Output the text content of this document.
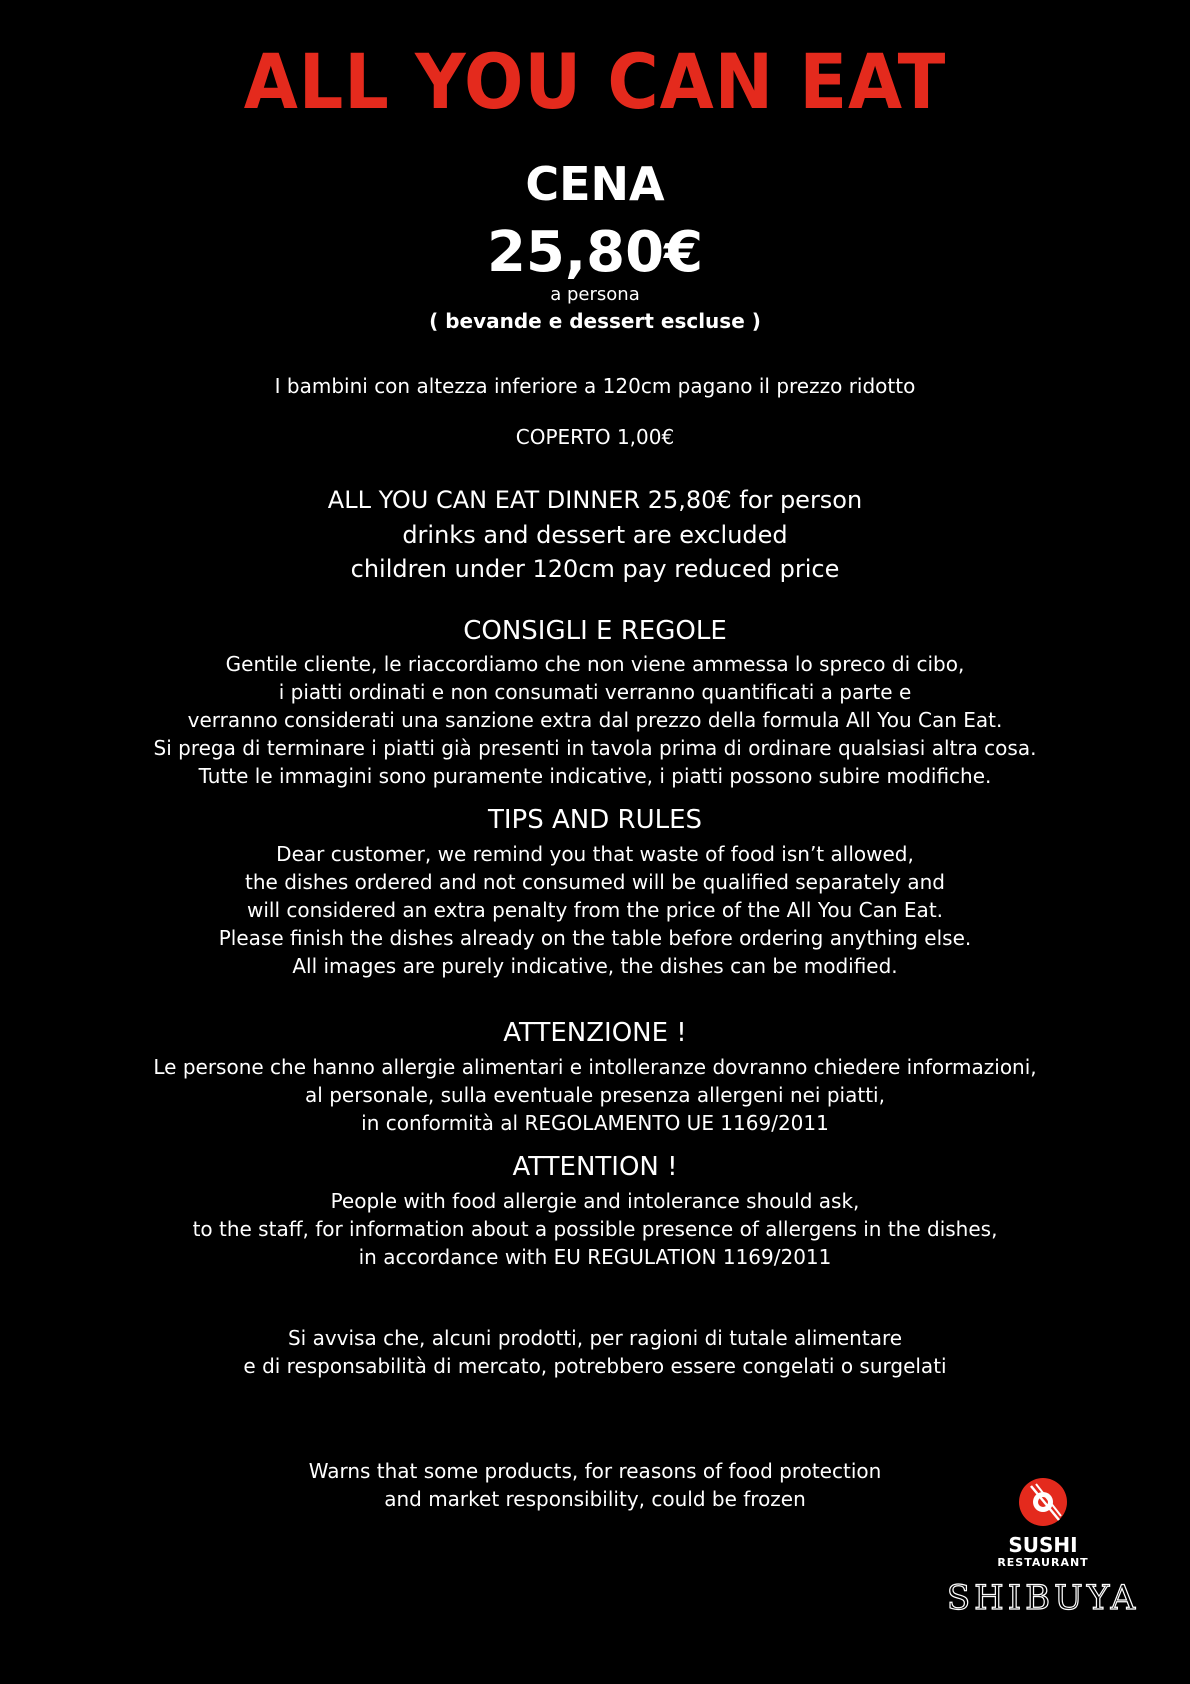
ALL YOU CAN EAT
CENA
25,80€
a persona
( bevande e dessert escluse )
I bambini con altezza inferiore a 120cm pagano il prezzo ridotto
COPERTO 1,00€
ALL YOU CAN EAT DINNER 25,80€ for person
drinks and dessert are excluded
children under 120cm pay reduced price
CONSIGLI E REGOLE
Gentile cliente, le riaccordiamo che non viene ammessa lo spreco di cibo,
i piatti ordinati e non consumati verranno quantificati a parte e
verranno considerati una sanzione extra dal prezzo della formula All You Can Eat.
Si prega di terminare i piatti già presenti in tavola prima di ordinare qualsiasi altra cosa.
Tutte le immagini sono puramente indicative, i piatti possono subire modifiche.
TIPS AND RULES
Dear customer, we remind you that waste of food isn’t allowed,
the dishes ordered and not consumed will be qualified separately and
will considered an extra penalty from the price of the All You Can Eat.
Please finish the dishes already on the table before ordering anything else.
All images are purely indicative, the dishes can be modified.
ATTENZIONE !
Le persone che hanno allergie alimentari e intolleranze dovranno chiedere informazioni,
al personale, sulla eventuale presenza allergeni nei piatti,
in conformità al REGOLAMENTO UE 1169/2011
ATTENTION !
People with food allergie and intolerance should ask,
to the staff, for information about a possible presence of allergens in the dishes,
in accordance with EU REGULATION 1169/2011
Si avvisa che, alcuni prodotti, per ragioni di tutale alimentare
e di responsabilità di mercato, potrebbero essere congelati o surgelati
Warns that some products, for reasons of food protection
and market responsibility, could be frozen
SUSHI
RESTAURANT
SHIBUYA
